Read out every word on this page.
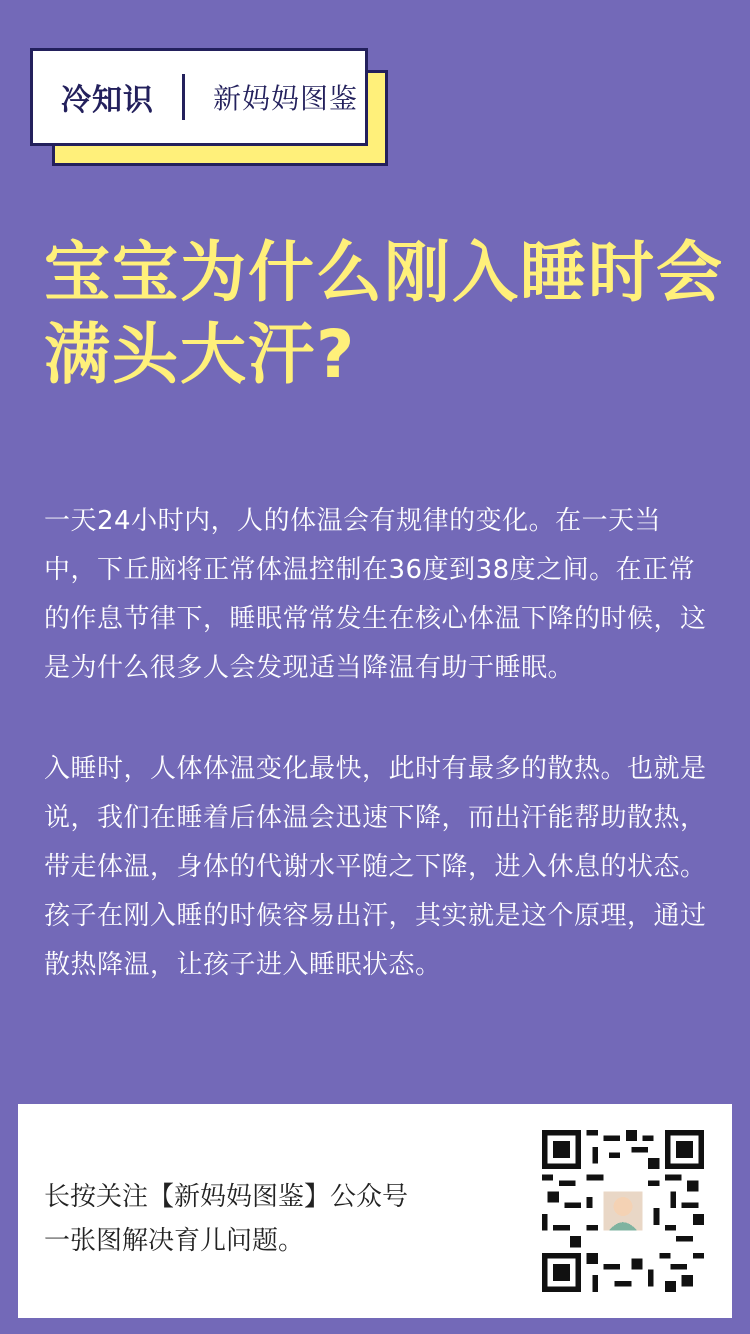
冷知识 新妈妈图鉴
宝宝为什么刚入睡时会满头大汗?

一天24小时内，人的体温会有规律的变化。在一天当中，下丘脑将正常体温控制在36度到38度之间。在正常的作息节律下，睡眠常常发生在核心体温下降的时候，这是为什么很多人会发现适当降温有助于睡眠。

入睡时，人体体温变化最快，此时有最多的散热。也就是说，我们在睡着后体温会迅速下降，而出汗能帮助散热，带走体温，身体的代谢水平随之下降，进入休息的状态。孩子在刚入睡的时候容易出汗，其实就是这个原理，通过散热降温，让孩子进入睡眠状态。

长按关注【新妈妈图鉴】公众号
一张图解决育儿问题。
